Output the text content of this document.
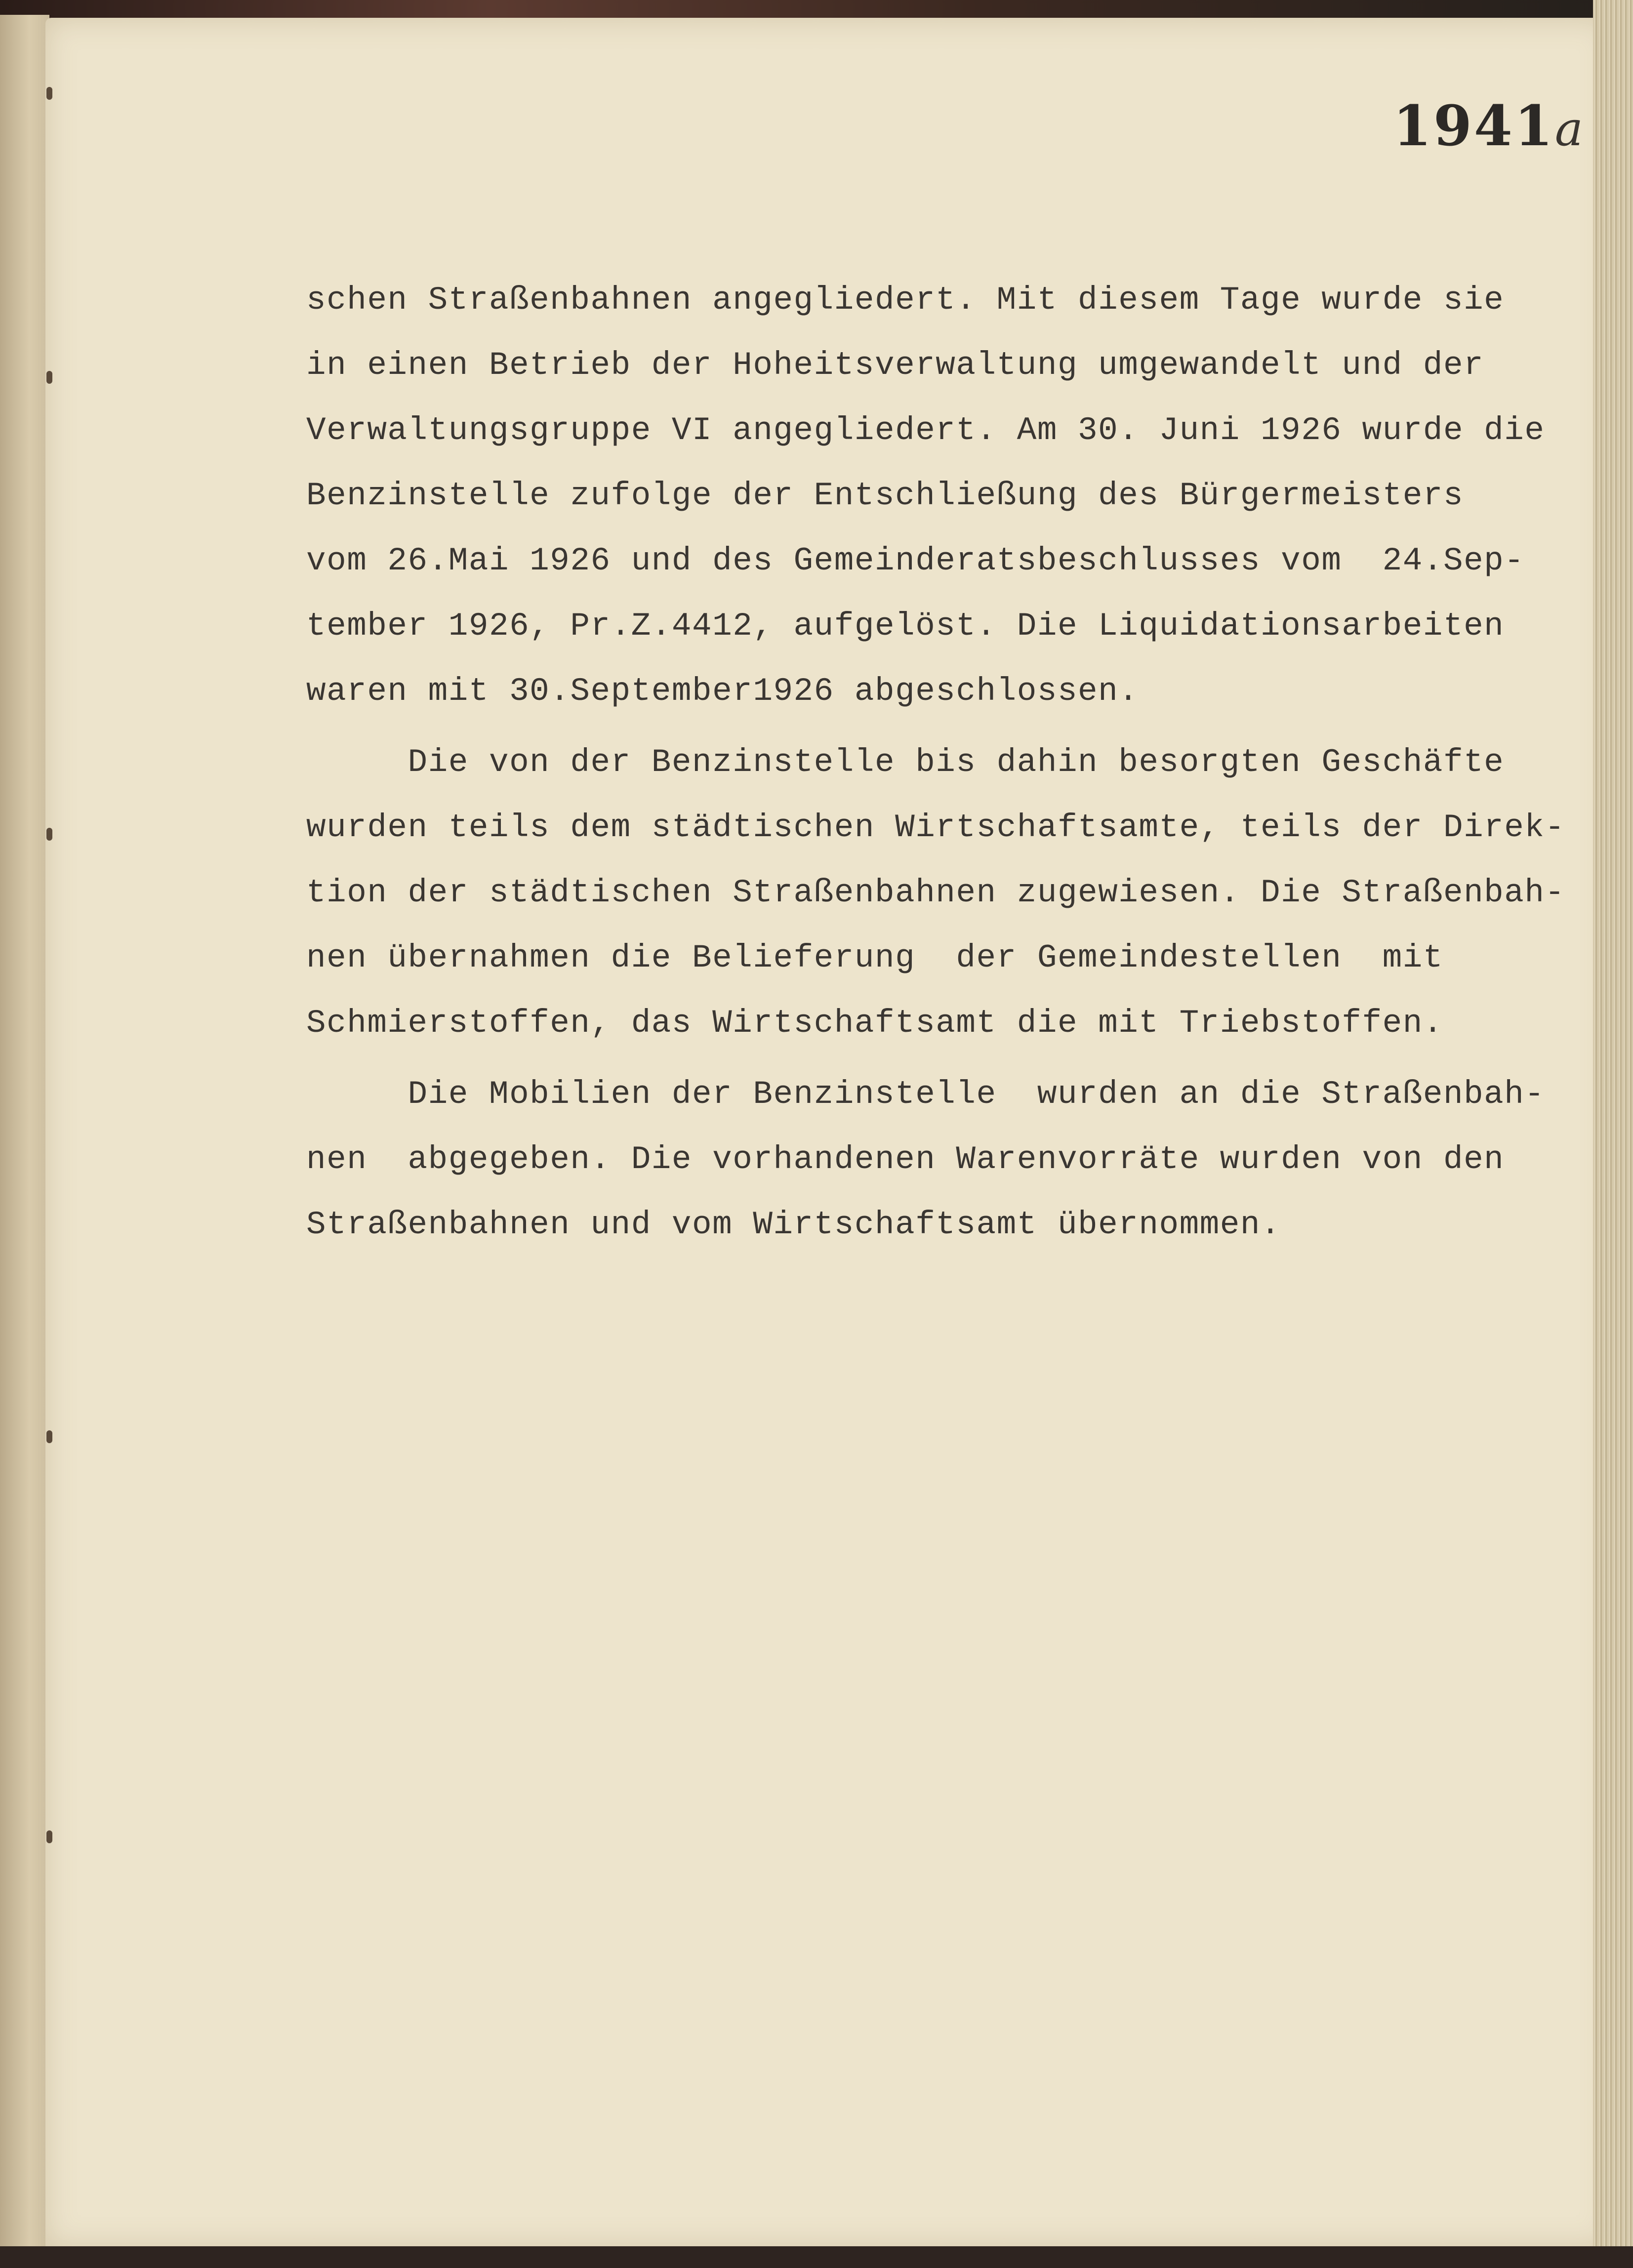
1941a
schen Straßenbahnen angegliedert. Mit diesem Tage wurde sie
in einen Betrieb der Hoheitsverwaltung umgewandelt und der
Verwaltungsgruppe VI angegliedert. Am 30. Juni 1926 wurde die
Benzinstelle zufolge der Entschließung des Bürgermeisters
vom 26.Mai 1926 und des Gemeinderatsbeschlusses vom  24.Sep-
tember 1926, Pr.Z.4412, aufgelöst. Die Liquidationsarbeiten
waren mit 30.September1926 abgeschlossen.
Die von der Benzinstelle bis dahin besorgten Geschäfte
wurden teils dem städtischen Wirtschaftsamte, teils der Direk-
tion der städtischen Straßenbahnen zugewiesen. Die Straßenbah-
nen übernahmen die Belieferung  der Gemeindestellen  mit
Schmierstoffen, das Wirtschaftsamt die mit Triebstoffen.
Die Mobilien der Benzinstelle  wurden an die Straßenbah-
nen  abgegeben. Die vorhandenen Warenvorräte wurden von den
Straßenbahnen und vom Wirtschaftsamt übernommen.
